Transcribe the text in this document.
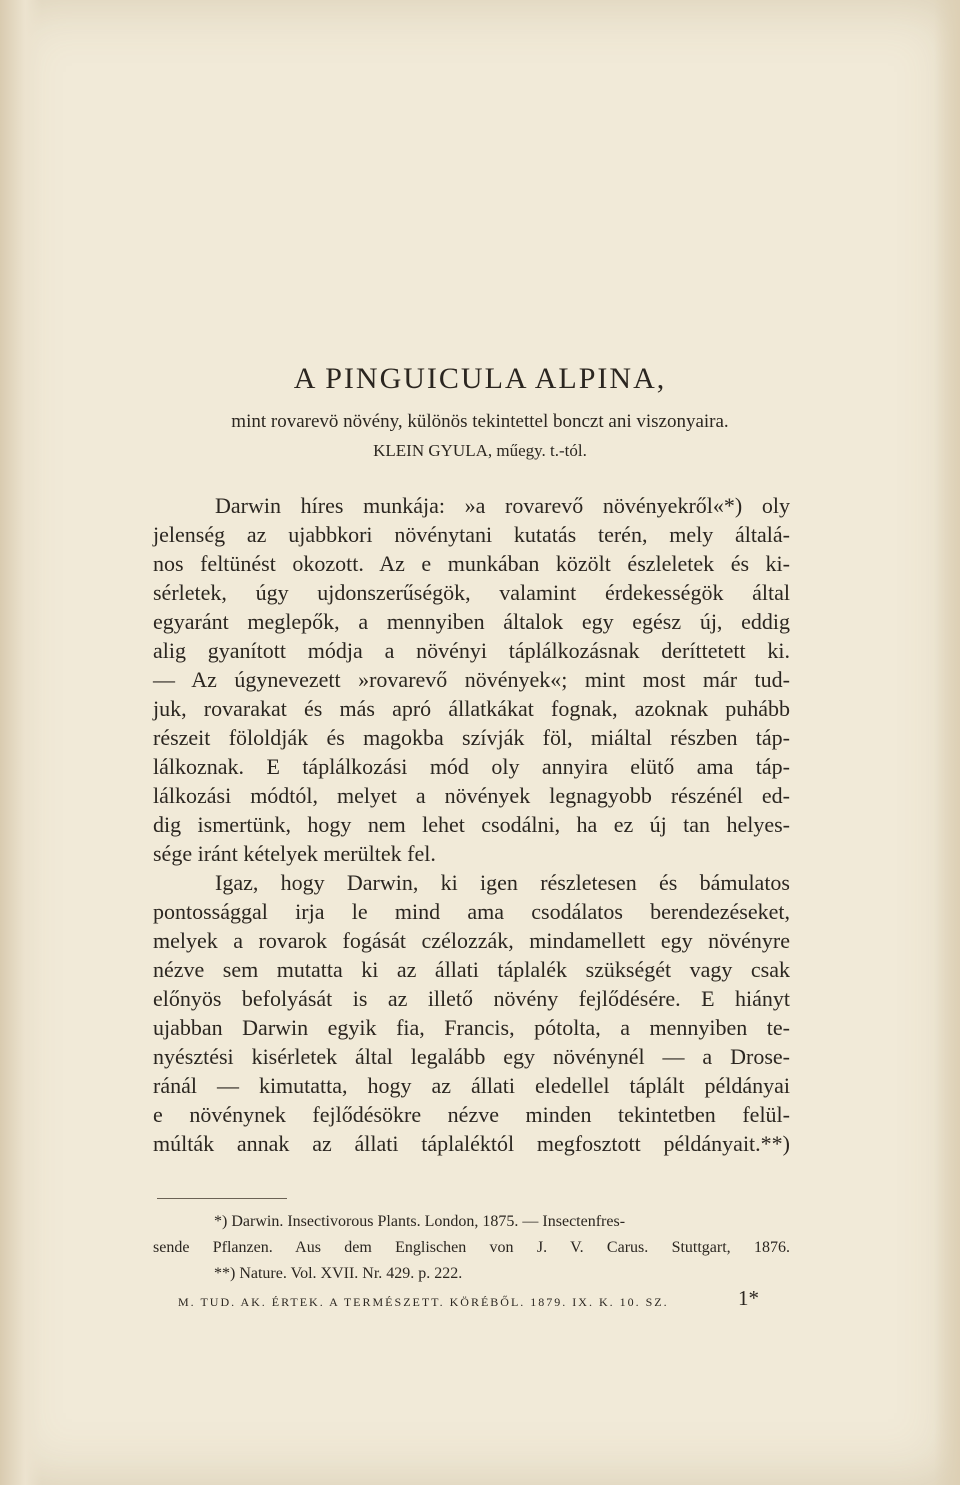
A PINGUICULA ALPINA,
mint rovarevö növény, különös tekintettel bonczt ani viszonyaira.
KLEIN GYULA, műegy. t.-tól.
Darwin híres munkája: »a rovarevő növényekről«*) oly
jelenség az ujabbkori növénytani kutatás terén, mely általá-
nos feltünést okozott. Az e munkában közölt észleletek és ki-
sérletek, úgy ujdonszerűségök, valamint érdekességök által
egyaránt meglepők, a mennyiben általok egy egész új, eddig
alig gyanított módja a növényi táplálkozásnak deríttetett ki.
— Az úgynevezett »rovarevő növények«; mint most már tud-
juk, rovarakat és más apró állatkákat fognak, azoknak puhább
részeit föloldják és magokba szívják föl, miáltal részben táp-
lálkoznak. E táplálkozási mód oly annyira elütő ama táp-
lálkozási módtól, melyet a növények legnagyobb részénél ed-
dig ismertünk, hogy nem lehet csodálni, ha ez új tan helyes-
sége iránt kételyek merültek fel.
Igaz, hogy Darwin, ki igen részletesen és bámulatos
pontossággal irja le mind ama csodálatos berendezéseket,
melyek a rovarok fogását czélozzák, mindamellett egy növényre
nézve sem mutatta ki az állati táplalék szükségét vagy csak
előnyös befolyását is az illető növény fejlődésére. E hiányt
ujabban Darwin egyik fia, Francis, pótolta, a mennyiben te-
nyésztési kisérletek által legalább egy növénynél — a Drose-
ránál — kimutatta, hogy az állati eledellel táplált példányai
e növénynek fejlődésökre nézve minden tekintetben felül-
múlták annak az állati táplaléktól megfosztott példányait.**)
*) Darwin. Insectivorous Plants. London, 1875. — Insectenfres-
sende Pflanzen. Aus dem Englischen von J. V. Carus. Stuttgart, 1876.
**) Nature. Vol. XVII. Nr. 429. p. 222.
M. TUD. AK. ÉRTEK. A TERMÉSZETT. KÖRÉBŐL. 1879. IX. K. 10. SZ.	1*
